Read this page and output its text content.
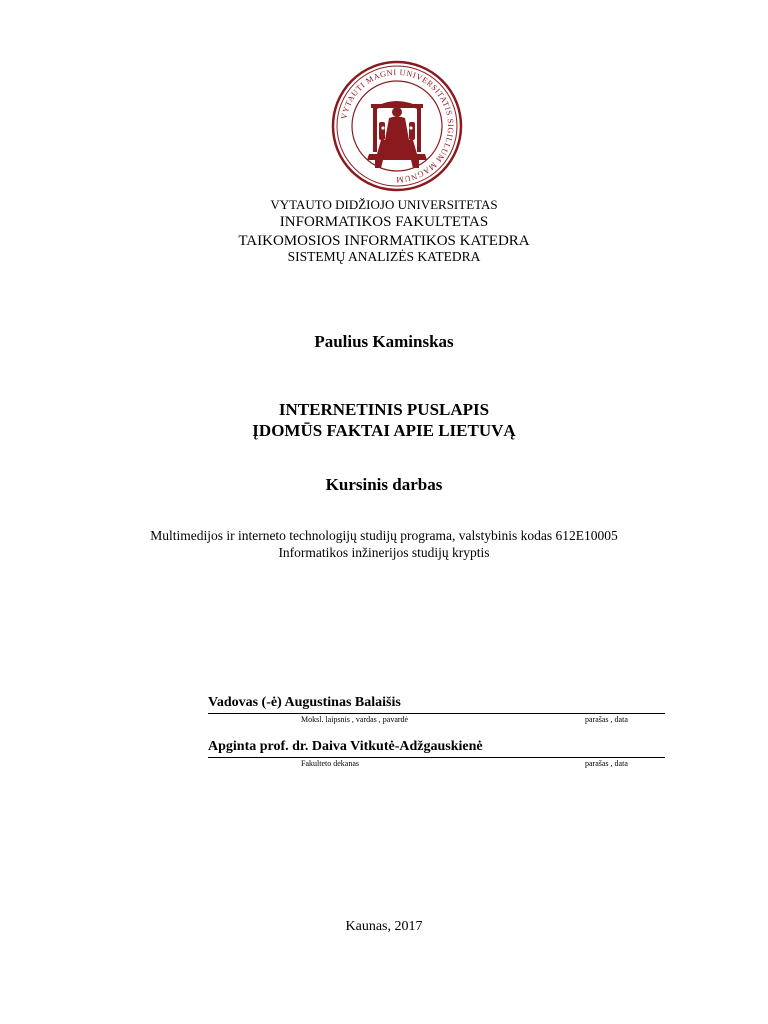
VYTAUTI MAGNI UNIVERSITATIS SIGILLUM MAGNUM
VYTAUTO DIDŽIOJO UNIVERSITETAS
INFORMATIKOS FAKULTETAS
TAIKOMOSIOS INFORMATIKOS KATEDRA
SISTEMŲ ANALIZĖS KATEDRA
Paulius Kaminskas
INTERNETINIS PUSLAPIS
ĮDOMŪS FAKTAI APIE LIETUVĄ
Kursinis darbas
Multimedijos ir interneto technologijų studijų programa, valstybinis kodas 612E10005
Informatikos inžinerijos studijų kryptis
Vadovas (-ė) Augustinas Balaišis
Moksl. laipsnis , vardas , pavardė	parašas , data
Apginta prof. dr. Daiva Vitkutė-Adžgauskienė
Fakulteto dekanas	parašas , data
Kaunas, 2017
